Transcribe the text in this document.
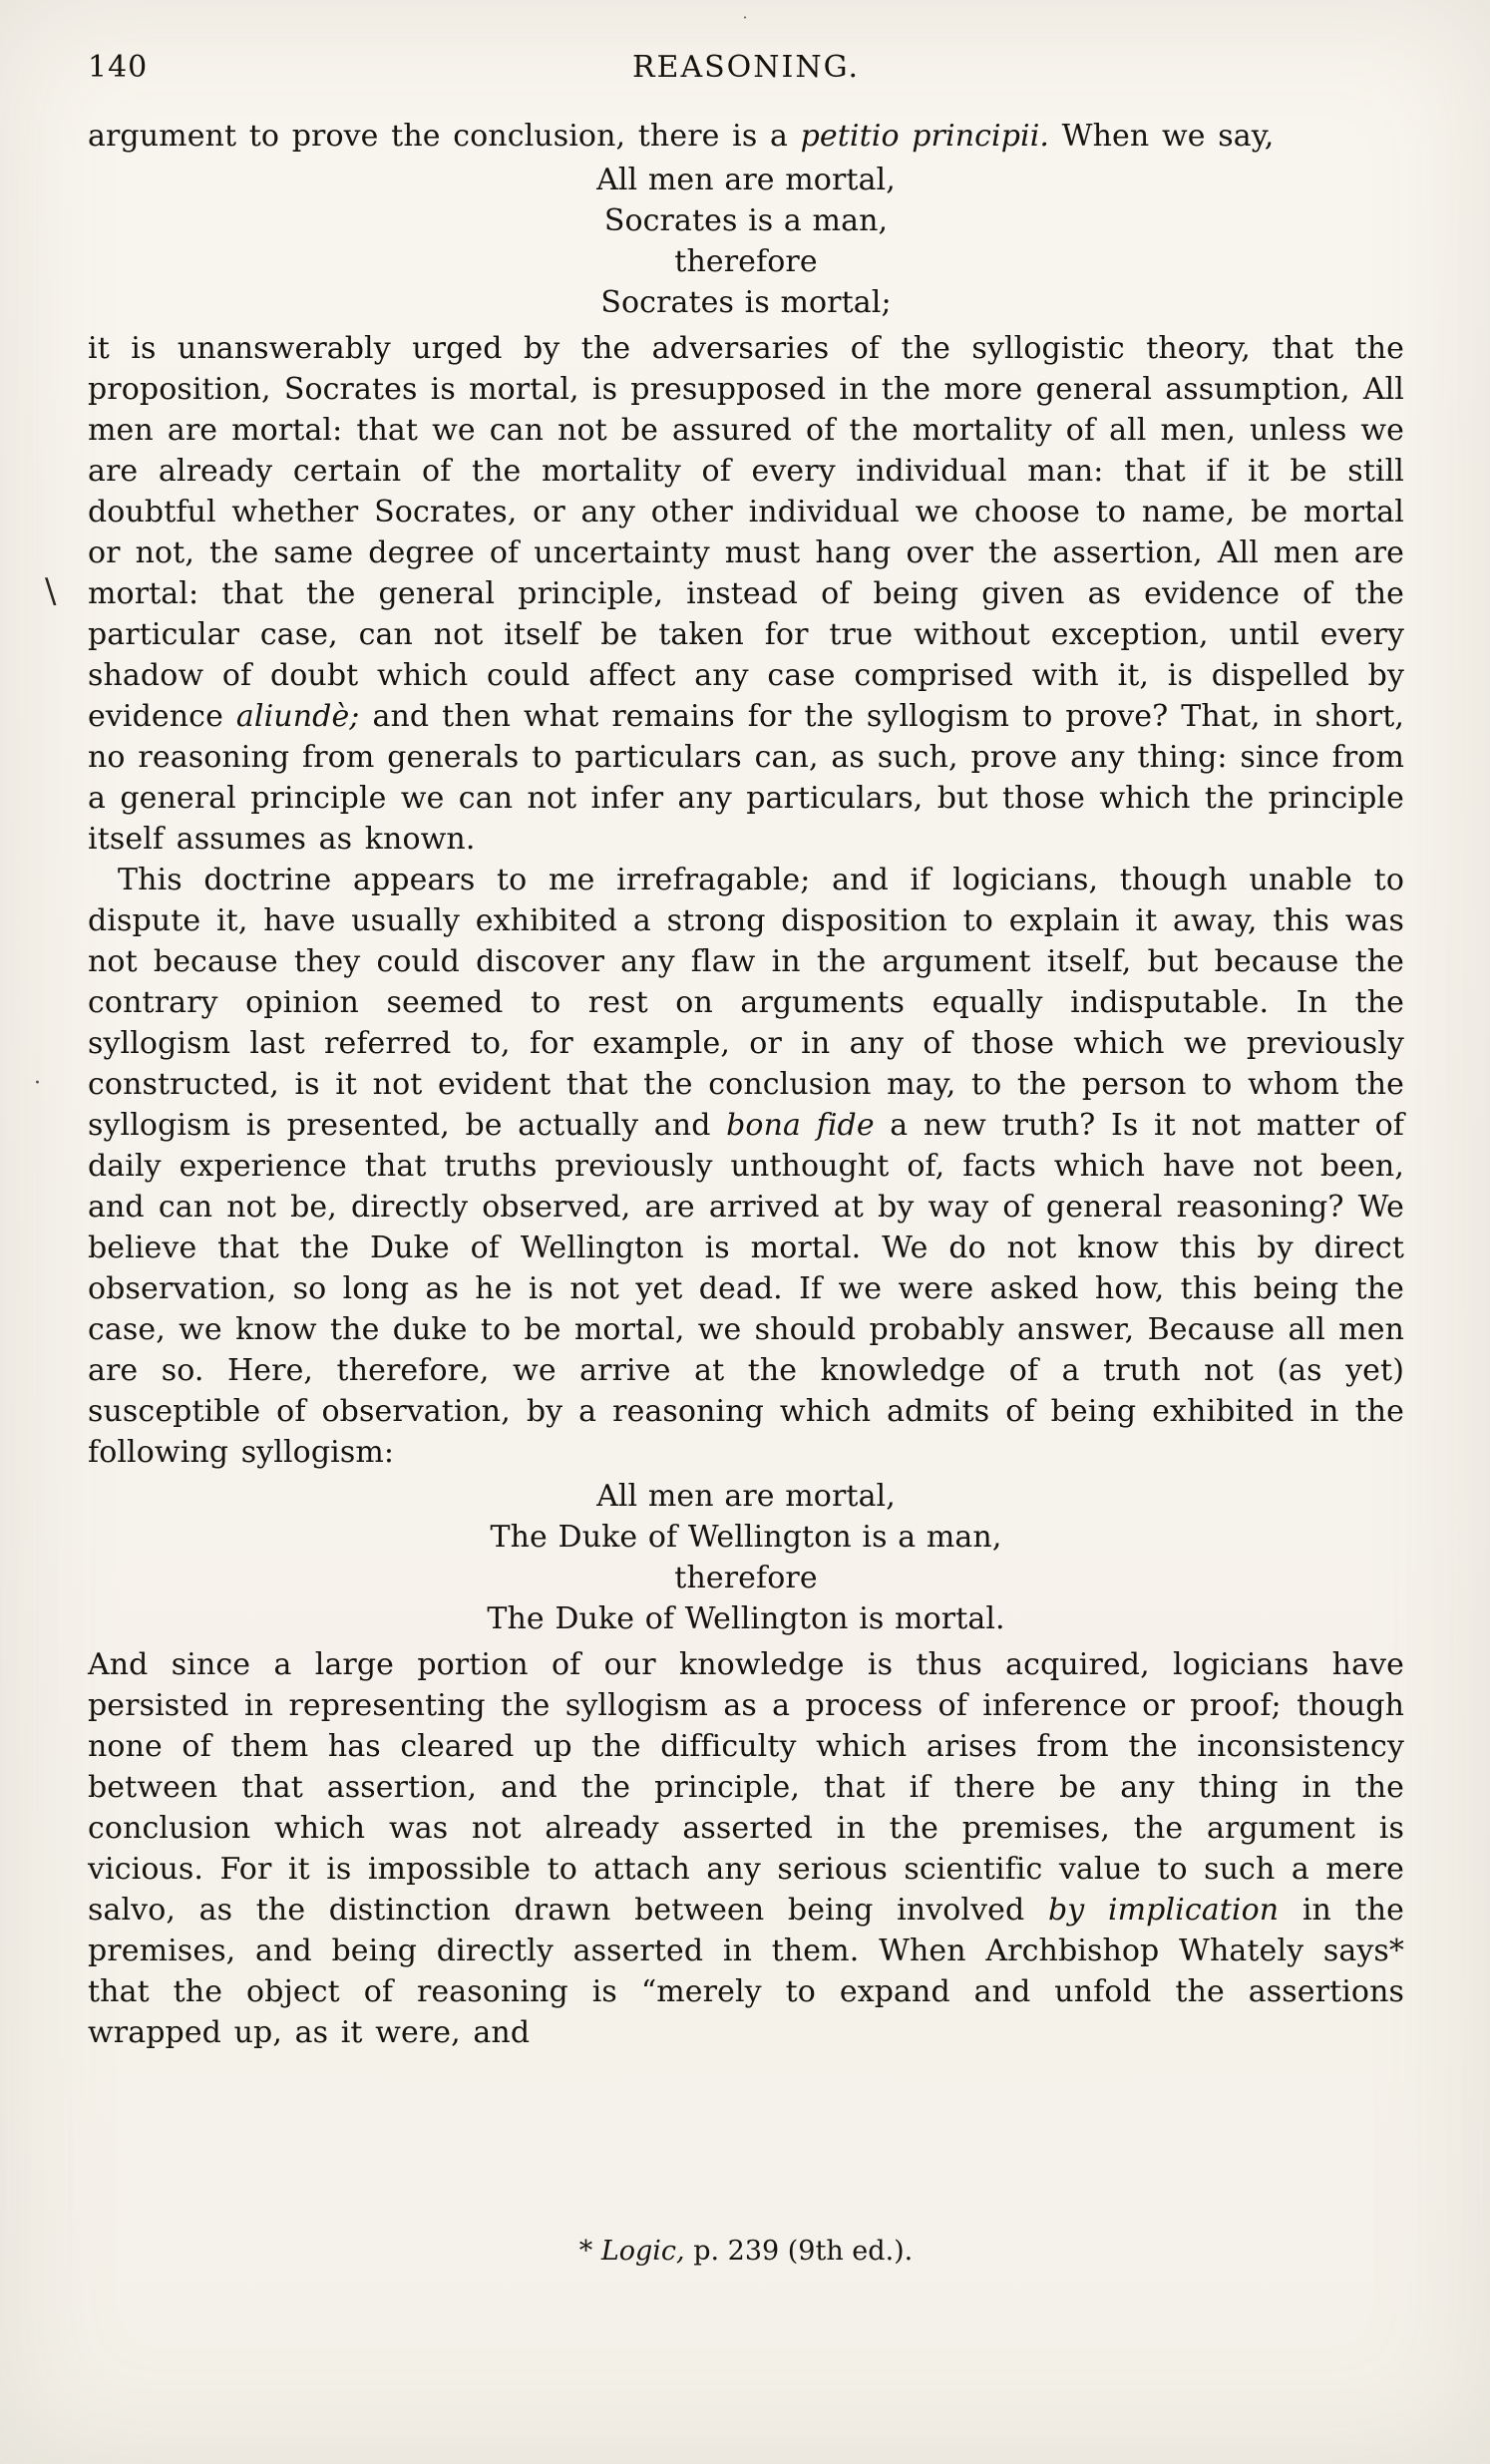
140	REASONING.

argument to prove the conclusion, there is a petitio principii. When we say,

All men are mortal,
Socrates is a man,
therefore
Socrates is mortal;

it is unanswerably urged by the adversaries of the syllogistic theory, that the proposition, Socrates is mortal, is presupposed in the more general assumption, All men are mortal: that we can not be assured of the mortality of all men, unless we are already certain of the mortality of every individual man: that if it be still doubtful whether Socrates, or any other individual we choose to name, be mortal or not, the same degree of uncertainty must hang over the assertion, All men are mortal: that the general principle, instead of being given as evidence of the particular case, can not itself be taken for true without exception, until every shadow of doubt which could affect any case comprised with it, is dispelled by evidence aliundè; and then what remains for the syllogism to prove? That, in short, no reasoning from generals to particulars can, as such, prove any thing: since from a general principle we can not infer any particulars, but those which the principle itself assumes as known.

This doctrine appears to me irrefragable; and if logicians, though unable to dispute it, have usually exhibited a strong disposition to explain it away, this was not because they could discover any flaw in the argument itself, but because the contrary opinion seemed to rest on arguments equally indisputable. In the syllogism last referred to, for example, or in any of those which we previously constructed, is it not evident that the conclusion may, to the person to whom the syllogism is presented, be actually and bona fide a new truth? Is it not matter of daily experience that truths previously unthought of, facts which have not been, and can not be, directly observed, are arrived at by way of general reasoning? We believe that the Duke of Wellington is mortal. We do not know this by direct observation, so long as he is not yet dead. If we were asked how, this being the case, we know the duke to be mortal, we should probably answer, Because all men are so. Here, therefore, we arrive at the knowledge of a truth not (as yet) susceptible of observation, by a reasoning which admits of being exhibited in the following syllogism:

All men are mortal,
The Duke of Wellington is a man,
therefore
The Duke of Wellington is mortal.

And since a large portion of our knowledge is thus acquired, logicians have persisted in representing the syllogism as a process of inference or proof; though none of them has cleared up the difficulty which arises from the inconsistency between that assertion, and the principle, that if there be any thing in the conclusion which was not already asserted in the premises, the argument is vicious. For it is impossible to attach any serious scientific value to such a mere salvo, as the distinction drawn between being involved by implication in the premises, and being directly asserted in them. When Archbishop Whately says* that the object of reasoning is “merely to expand and unfold the assertions wrapped up, as it were, and

* Logic, p. 239 (9th ed.).
\
·
·
